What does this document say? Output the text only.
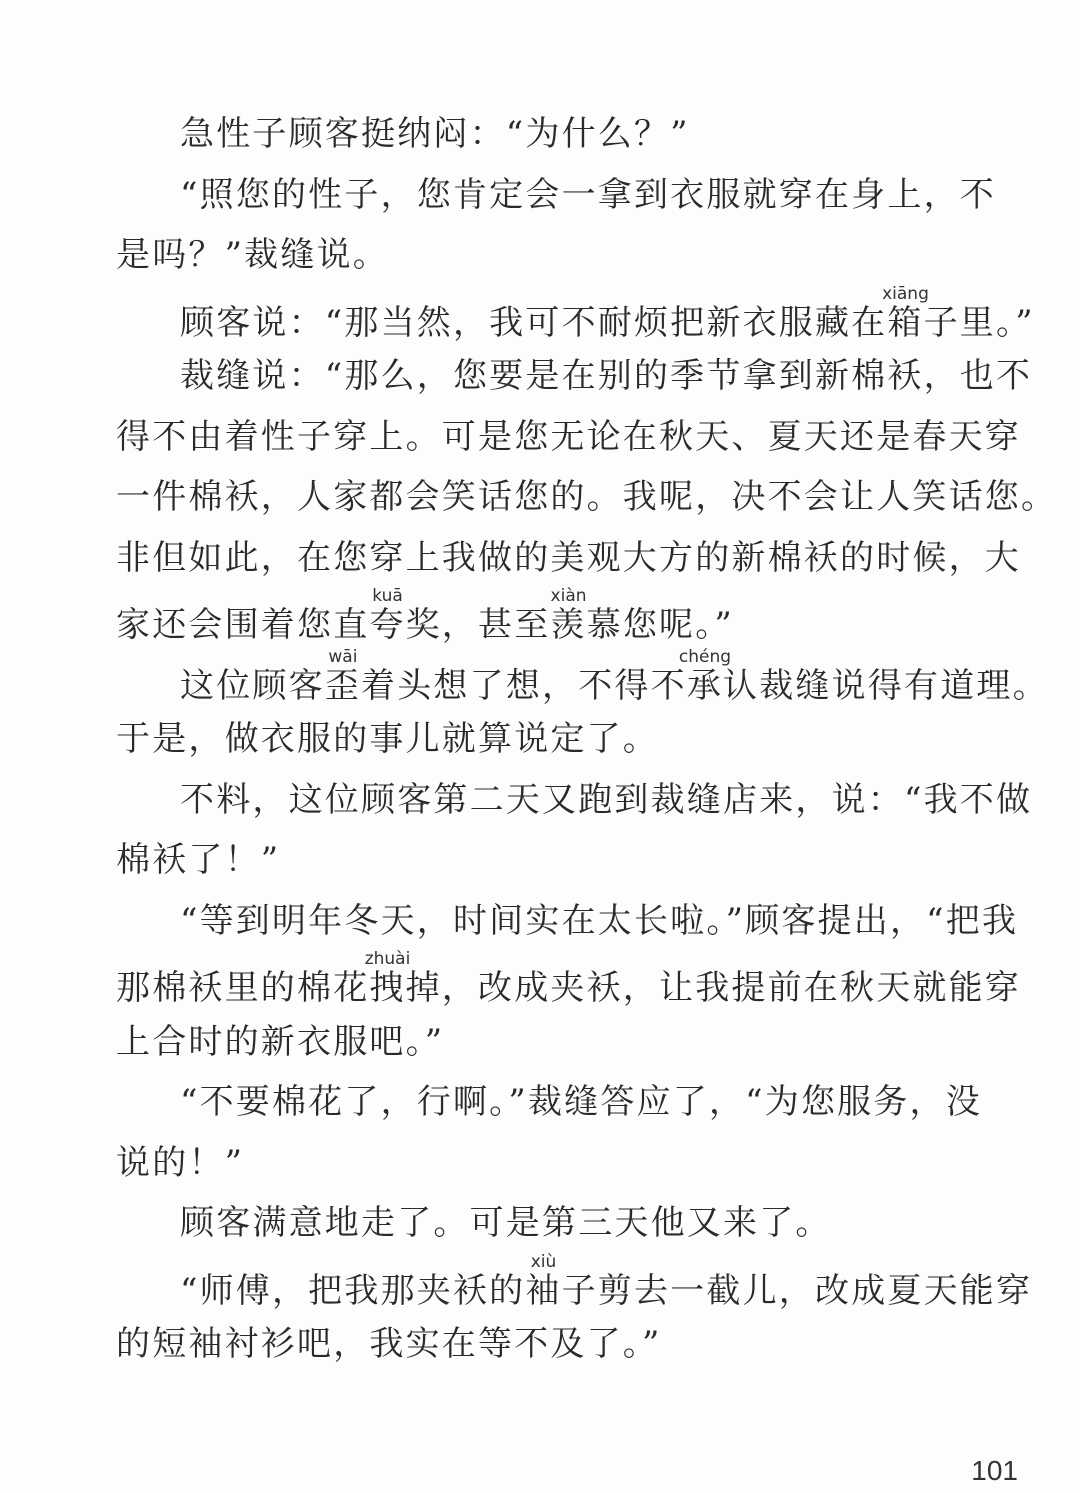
急性子顾客挺纳闷：“为什么？”
“照您的性子，您肯定会一拿到衣服就穿在身上，不
是吗？”裁缝说。
顾客说：“那当然，我可不耐烦把新衣服藏在箱xiāng子里。”
裁缝说：“那么，您要是在别的季节拿到新棉袄，也不
得不由着性子穿上。可是您无论在秋天、夏天还是春天穿
一件棉袄，人家都会笑话您的。我呢，决不会让人笑话您。
非但如此，在您穿上我做的美观大方的新棉袄的时候，大
家还会围着您直夸kuā奖，甚至羡xiàn慕您呢。”
这位顾客歪wāi着头想了想，不得不承chéng认裁缝说得有道理。
于是，做衣服的事儿就算说定了。
不料，这位顾客第二天又跑到裁缝店来，说：“我不做
棉袄了！”
“等到明年冬天，时间实在太长啦。”顾客提出，“把我
那棉袄里的棉花拽zhuài掉，改成夹袄，让我提前在秋天就能穿
上合时的新衣服吧。”
“不要棉花了，行啊。”裁缝答应了，“为您服务，没
说的！”
顾客满意地走了。可是第三天他又来了。
“师傅，把我那夹袄的袖xiù子剪去一截儿，改成夏天能穿
的短袖衬衫吧，我实在等不及了。”
101
